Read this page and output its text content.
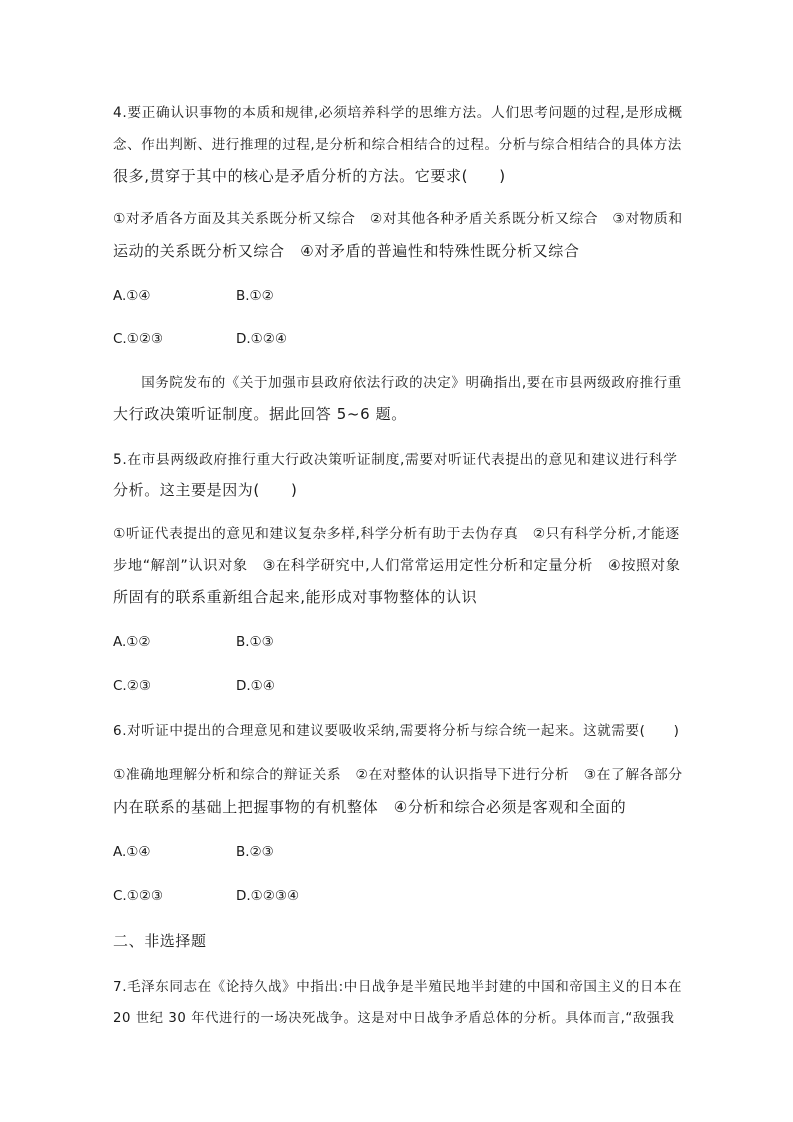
4.要正确认识事物的本质和规律,必须培养科学的思维方法。人们思考问题的过程,是形成概
念、作出判断、进行推理的过程,是分析和综合相结合的过程。分析与综合相结合的具体方法
很多,贯穿于其中的核心是矛盾分析的方法。它要求(　　)
①对矛盾各方面及其关系既分析又综合　②对其他各种矛盾关系既分析又综合　③对物质和
运动的关系既分析又综合　④对矛盾的普遍性和特殊性既分析又综合
A.①④	B.①②
C.①②③	D.①②④
　　国务院发布的《关于加强市县政府依法行政的决定》明确指出,要在市县两级政府推行重
大行政决策听证制度。据此回答 5~6 题。
5.在市县两级政府推行重大行政决策听证制度,需要对听证代表提出的意见和建议进行科学
分析。这主要是因为(　　)
①听证代表提出的意见和建议复杂多样,科学分析有助于去伪存真　②只有科学分析,才能逐
步地“解剖”认识对象　③在科学研究中,人们常常运用定性分析和定量分析　④按照对象
所固有的联系重新组合起来,能形成对事物整体的认识
A.①②	B.①③
C.②③	D.①④
6.对听证中提出的合理意见和建议要吸收采纳,需要将分析与综合统一起来。这就需要(　　)
①准确地理解分析和综合的辩证关系　②在对整体的认识指导下进行分析　③在了解各部分
内在联系的基础上把握事物的有机整体　④分析和综合必须是客观和全面的
A.①④	B.②③
C.①②③	D.①②③④
二、非选择题
7.毛泽东同志在《论持久战》中指出:中日战争是半殖民地半封建的中国和帝国主义的日本在
20 世纪 30 年代进行的一场决死战争。这是对中日战争矛盾总体的分析。具体而言,“敌强我
